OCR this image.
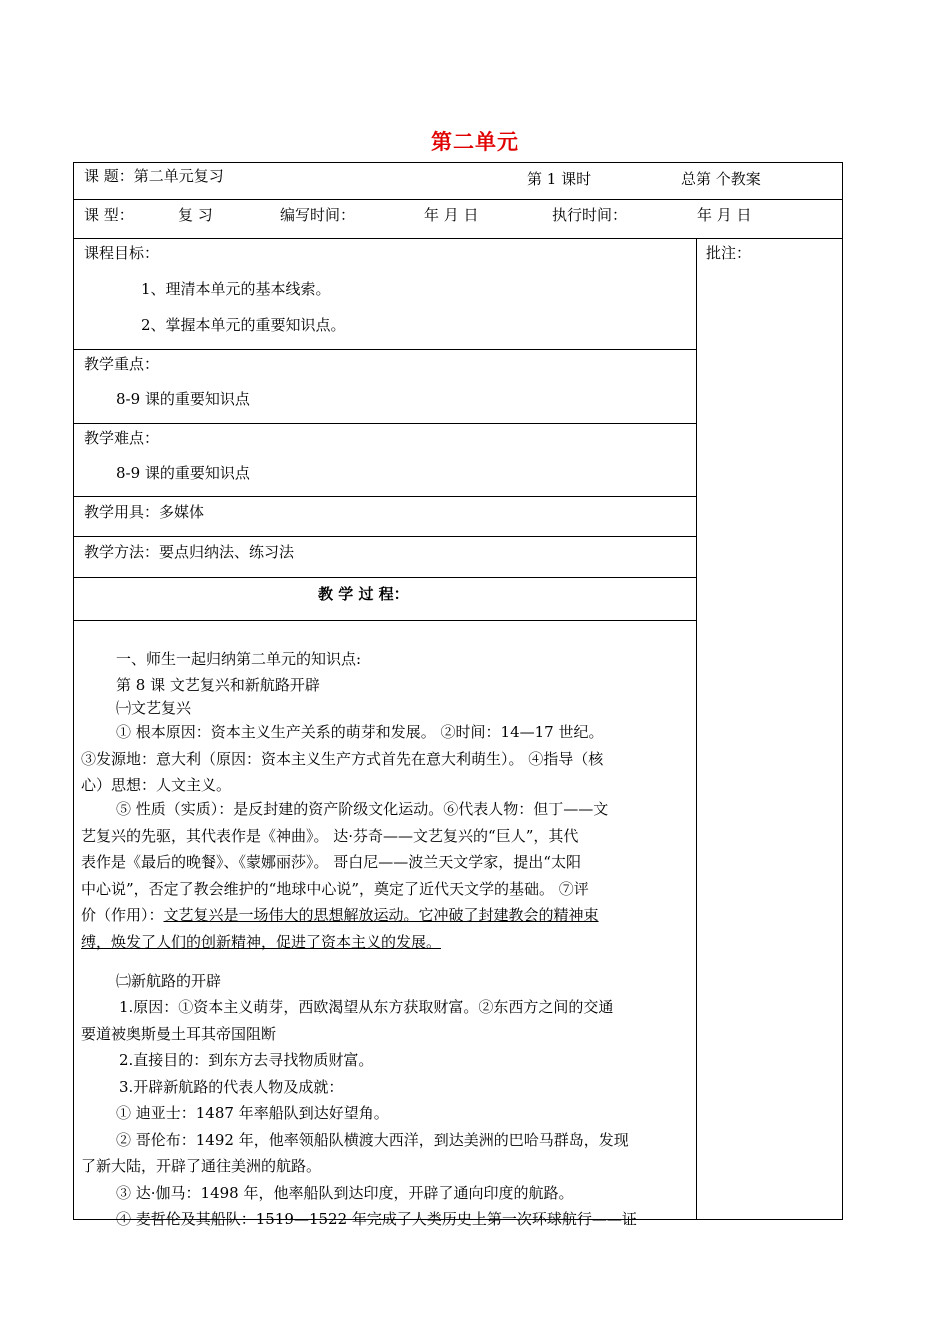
第二单元
课 题：第二单元复习	第 1 课时	总第 个教案
课 型：	复 习	编写时间：	年 月 日	执行时间：	年 月 日
批注：
课程目标：
1、理清本单元的基本线索。
2、掌握本单元的重要知识点。
教学重点：
8-9 课的重要知识点
教学难点：
8-9 课的重要知识点
教学用具：多媒体
教学方法：要点归纳法、练习法
教 学 过 程：
一、师生一起归纳第二单元的知识点:
第 8 课 文艺复兴和新航路开辟
㈠文艺复兴
① 根本原因：资本主义生产关系的萌芽和发展。 ②时间：14—17 世纪。
③发源地：意大利（原因：资本主义生产方式首先在意大利萌生）。 ④指导（核
心）思想：人文主义。
⑤ 性质（实质）：是反封建的资产阶级文化运动。⑥代表人物：但丁——文
艺复兴的先驱，其代表作是《神曲》。 达·芬奇——文艺复兴的“巨人”，其代
表作是《最后的晚餐》、《蒙娜丽莎》。 哥白尼——波兰天文学家，提出“太阳
中心说”，否定了教会维护的“地球中心说”，奠定了近代天文学的基础。 ⑦评
价（作用）：文艺复兴是一场伟大的思想解放运动。它冲破了封建教会的精神束
缚，焕发了人们的创新精神，促进了资本主义的发展。
㈡新航路的开辟
1.原因：①资本主义萌芽，西欧渴望从东方获取财富。②东西方之间的交通
要道被奥斯曼土耳其帝国阻断
2.直接目的：到东方去寻找物质财富。
3.开辟新航路的代表人物及成就：
① 迪亚士：1487 年率船队到达好望角。
② 哥伦布：1492 年，他率领船队横渡大西洋，到达美洲的巴哈马群岛，发现
了新大陆，开辟了通往美洲的航路。
③ 达·伽马：1498 年，他率船队到达印度，开辟了通向印度的航路。
④ 麦哲伦及其船队：1519—1522 年完成了人类历史上第一次环球航行——证
